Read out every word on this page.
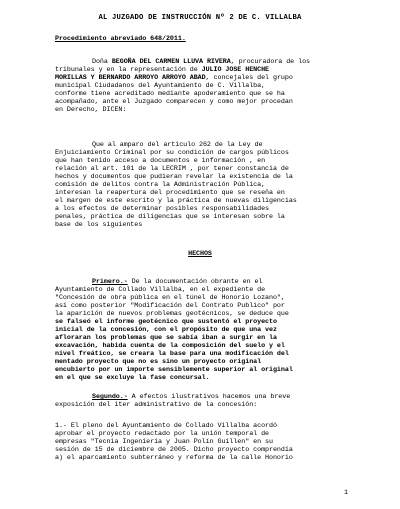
AL JUZGADO DE INSTRUCCIÓN Nº 2 DE C. VILLALBA
Procedimiento abreviado 648/2011.
Doña BEGOÑA DEL CARMEN LLUVA RIVERA, procuradora de los
tribunales y en la representación de JULIO JOSE HENCHE
MORILLAS Y BERNARDO ARROYO ARROYO ABAD, concejales del grupo
municipal Ciudadanos del Ayuntamiento de C. Villalba,
conforme tiene acreditado mediante apoderamiento que se ha
acompañado, ante el Juzgado comparecen y como mejor procedan
en Derecho, DICEN:
Que al amparo del articulo 262 de la Ley de
Enjuiciamiento Criminal por su condición de cargos públicos
que han tenido acceso a documentos e información , en
relación al art. 101 de la LECRIM , por tener constancia de
hechos y documentos que pudieran revelar la existencia de la
comisión de delitos contra la Administración Pública,
interesan la reapertura del procedimiento que se reseña en
el margen de este escrito y la práctica de nuevas diligencias
a los efectos de determinar posibles responsabilidades
penales, práctica de diligencias que se interesan sobre la
base de los siguientes
HECHOS
Primero.- De la documentación obrante en el
Ayuntamiento de Collado Villalba, en el expediente de
"Concesión de obra pública en el túnel de Honorio Lozano",
así como posterior "Modificación del Contrato Publico" por
la aparición de nuevos problemas geotécnicos, se deduce que
se falseó el informe geotécnico que sustentó el proyecto
inicial de la concesión, con el propósito de que una vez
afloraran los problemas que se sabía iban a surgir en la
excavación, habida cuenta de la composición del suelo y el
nivel freático, se creara la base para una modificación del
mentado proyecto que no es sino un proyecto original
encubierto por un importe sensiblemente superior al original
en el que se excluye la fase concursal.
Segundo.- A efectos ilustrativos hacemos una breve
exposición del iter administrativo de la concesión:
1.- El pleno del Ayuntamiento de Collado Villalba acordó
aprobar el proyecto redactado por la unión temporal de
empresas "Tecnia Ingeniería y Juan Polín Guillen" en su
sesión de 15 de diciembre de 2005. Dicho proyecto comprendía
a) el aparcamiento subterráneo y reforma de la calle Honorio
1
